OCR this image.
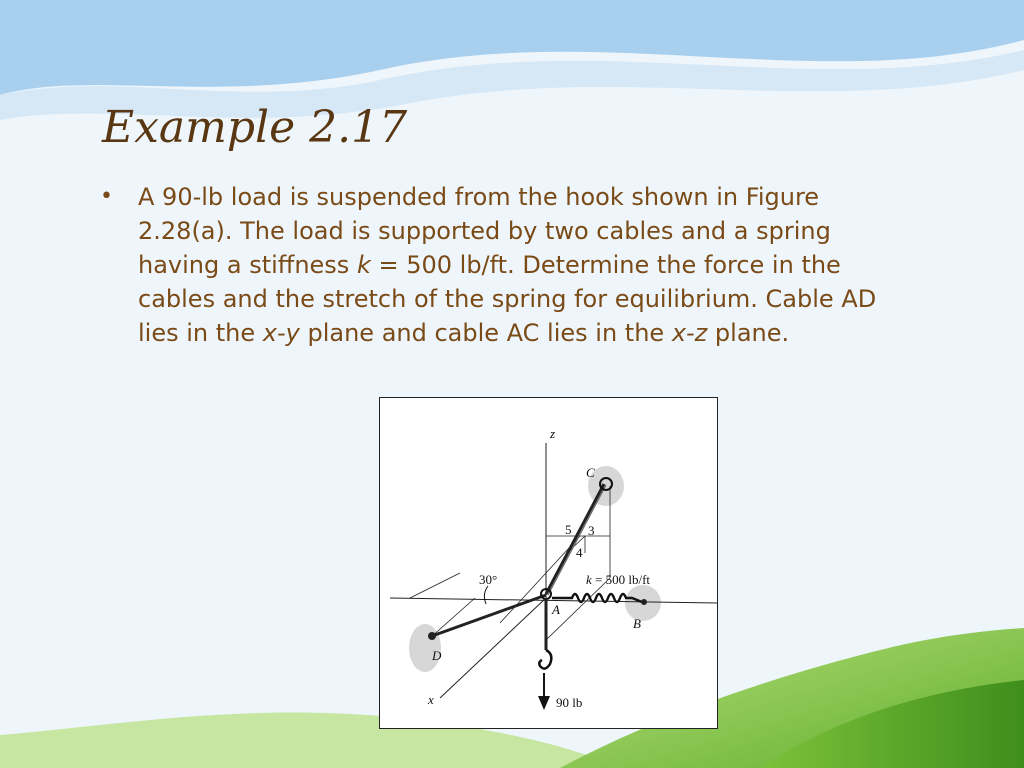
Example 2.17
• A 90-lb load is suspended from the hook shown in Figure 2.28(a). The load is supported by two cables and a spring having a stiffness k = 500 lb/ft. Determine the force in the cables and the stretch of the spring for equilibrium. Cable AD lies in the x-y plane and cable AC lies in the x-z plane.
z
x
C
A
B
D
30°
5 3
4
k = 500 lb/ft
90 lb
